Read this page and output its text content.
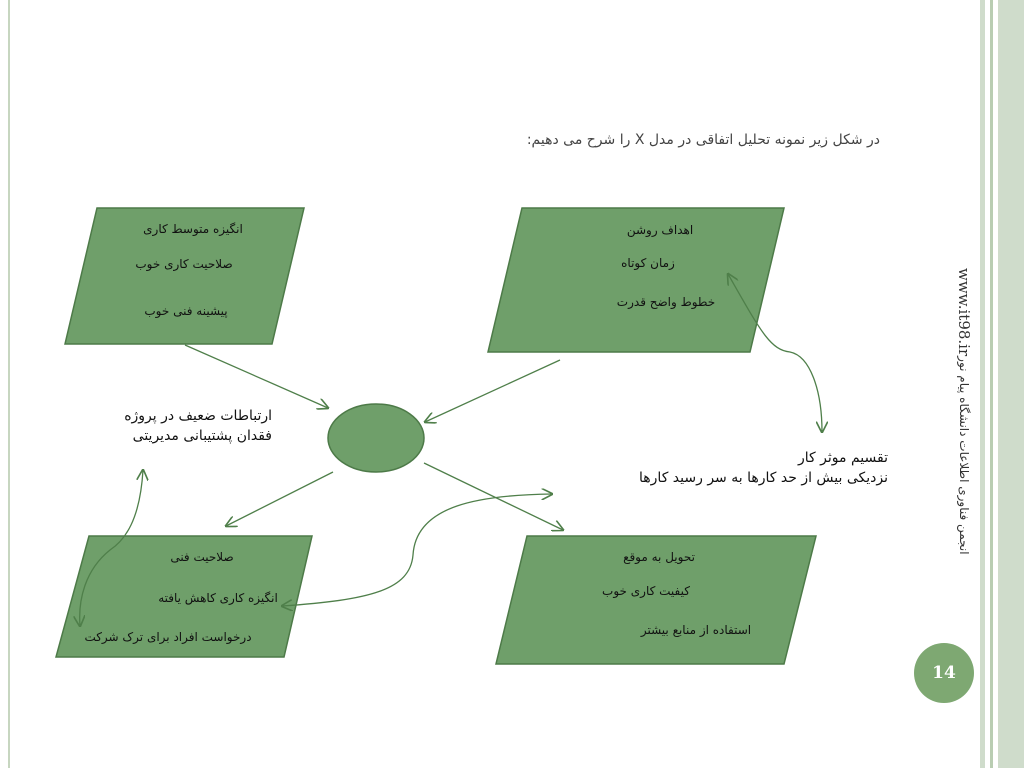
در شکل زیر نمونه تحلیل اتفاقی در مدل X را شرح می دهیم:
انگیزه متوسط کاری
صلاحیت کاری خوب
پیشینه فنی خوب
اهداف روشن
زمان کوتاه
خطوط واضح قدرت
صلاحیت فنی
انگیزه کاری کاهش یافته
درخواست افراد برای ترک شرکت
تحویل به موقع
کیفیت کاری خوب
استفاده از منابع بیشتر
ارتباطات ضعیف در پروژه
فقدان پشتیبانی مدیریتی
تقسیم موثر کار
نزدیکی بیش از حد کارها به سر رسید کارها	انجمن فناوری اطلاعات دانشگاه پیام نورwww.it98.ir
14
